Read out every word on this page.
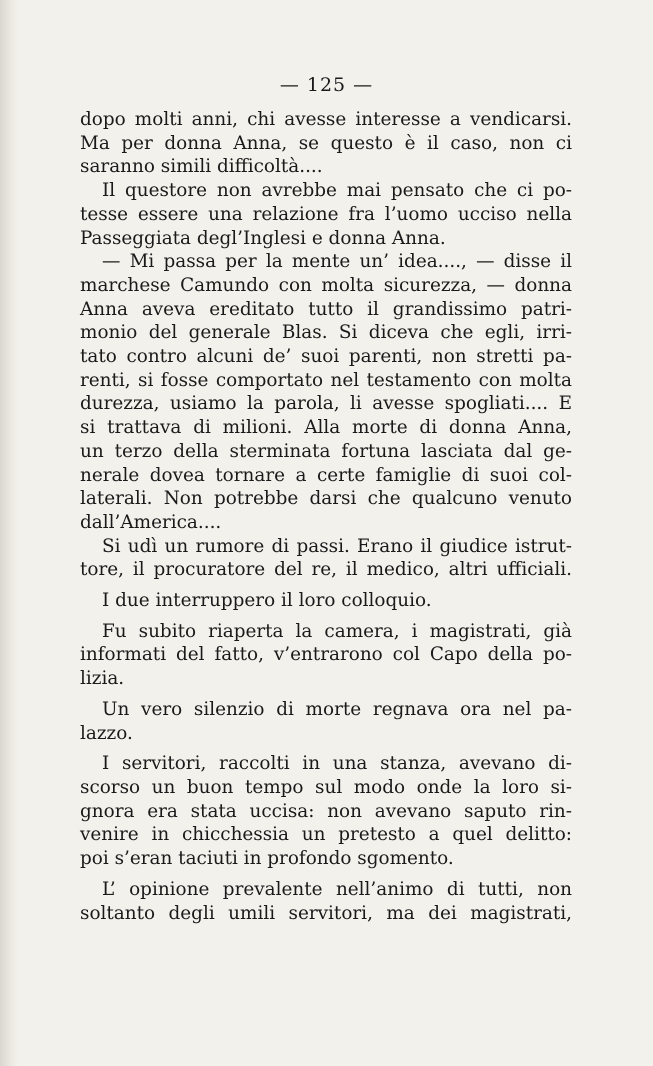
— 125 —
dopo molti anni, chi avesse interesse a vendicarsi.
Ma per donna Anna, se questo è il caso, non ci
saranno simili difficoltà....
Il questore non avrebbe mai pensato che ci po-
tesse essere una relazione fra l’uomo ucciso nella
Passeggiata degl’Inglesi e donna Anna.
— Mi passa per la mente un’ idea...., — disse il
marchese Camundo con molta sicurezza, — donna
Anna aveva ereditato tutto il grandissimo patri-
monio del generale Blas. Si diceva che egli, irri-
tato contro alcuni de’ suoi parenti, non stretti pa-
renti, si fosse comportato nel testamento con molta
durezza, usiamo la parola, li avesse spogliati.... E
si trattava di milioni. Alla morte di donna Anna,
un terzo della sterminata fortuna lasciata dal ge-
nerale dovea tornare a certe famiglie di suoi col-
laterali. Non potrebbe darsi che qualcuno venuto
dall’America....
Si udì un rumore di passi. Erano il giudice istrut-
tore, il procuratore del re, il medico, altri ufficiali.
I due interruppero il loro colloquio.
Fu subito riaperta la camera, i magistrati, già
informati del fatto, v’entrarono col Capo della po-
lizia.
Un vero silenzio di morte regnava ora nel pa-
lazzo.
I servitori, raccolti in una stanza, avevano di-
scorso un buon tempo sul modo onde la loro si-
gnora era stata uccisa: non avevano saputo rin-
venire in chicchessia un pretesto a quel delitto:
poi s’eran taciuti in profondo sgomento.
L’ opinione prevalente nell’animo di tutti, non
soltanto degli umili servitori, ma dei magistrati,
